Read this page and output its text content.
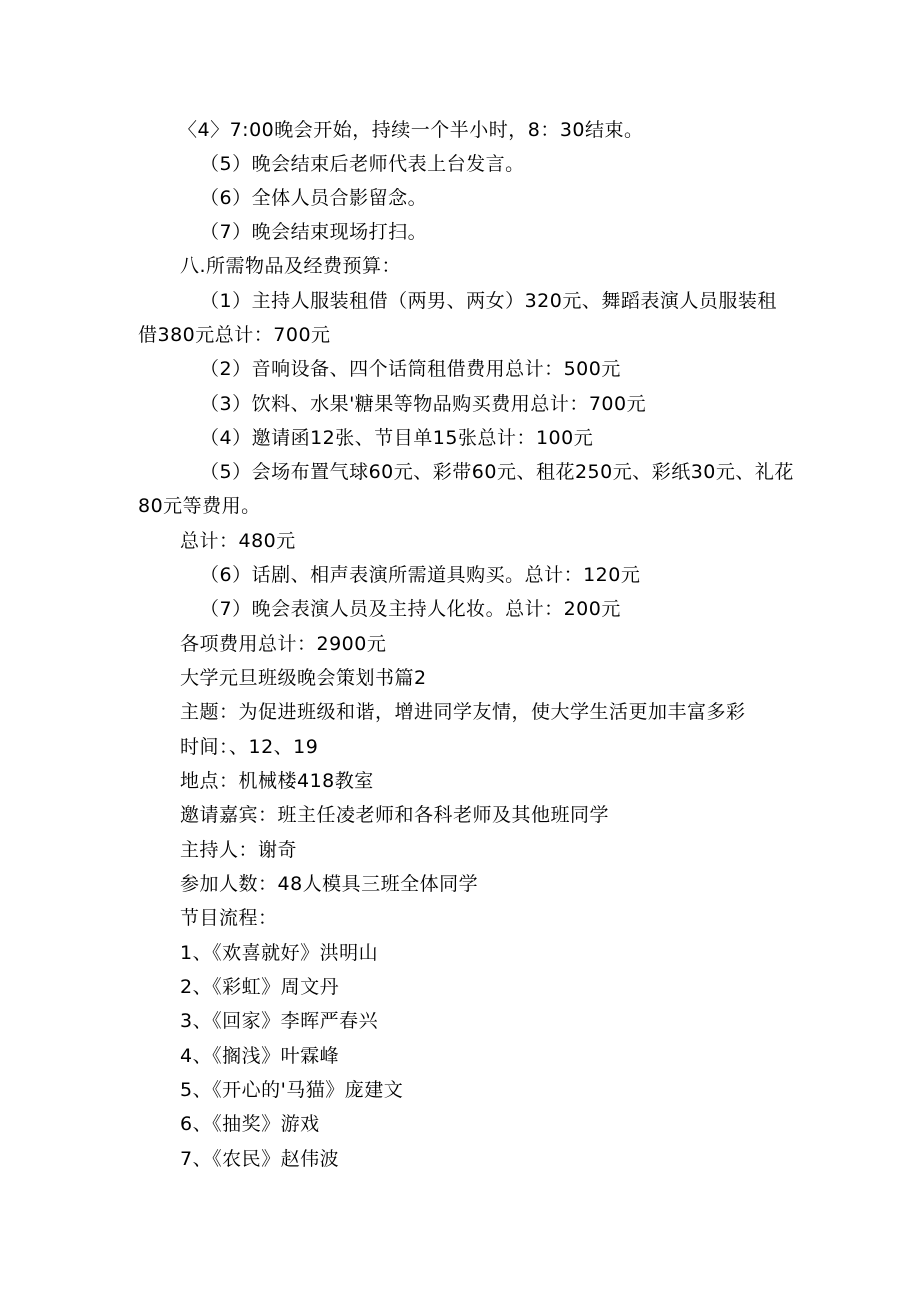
〈4〉7:00晚会开始，持续一个半小时，8：30结束。
（5）晚会结束后老师代表上台发言。
（6）全体人员合影留念。
（7）晚会结束现场打扫。
八.所需物品及经费预算：
（1）主持人服装租借（两男、两女）320元、舞蹈表演人员服装租
借380元总计：700元
（2）音响设备、四个话筒租借费用总计：500元
（3）饮料、水果'糖果等物品购买费用总计：700元
（4）邀请函12张、节目单15张总计：100元
（5）会场布置气球60元、彩带60元、租花250元、彩纸30元、礼花
80元等费用。
总计：480元
（6）话剧、相声表演所需道具购买。总计：120元
（7）晚会表演人员及主持人化妆。总计：200元
各项费用总计：2900元
大学元旦班级晚会策划书篇2
主题：为促进班级和谐，增进同学友情，使大学生活更加丰富多彩
时间：、12、19
地点：机械楼418教室
邀请嘉宾：班主任凌老师和各科老师及其他班同学
主持人：谢奇
参加人数：48人模具三班全体同学
节目流程：
1、《欢喜就好》洪明山
2、《彩虹》周文丹
3、《回家》李晖严春兴
4、《搁浅》叶霖峰
5、《开心的'马猫》庞建文
6、《抽奖》游戏
7、《农民》赵伟波
